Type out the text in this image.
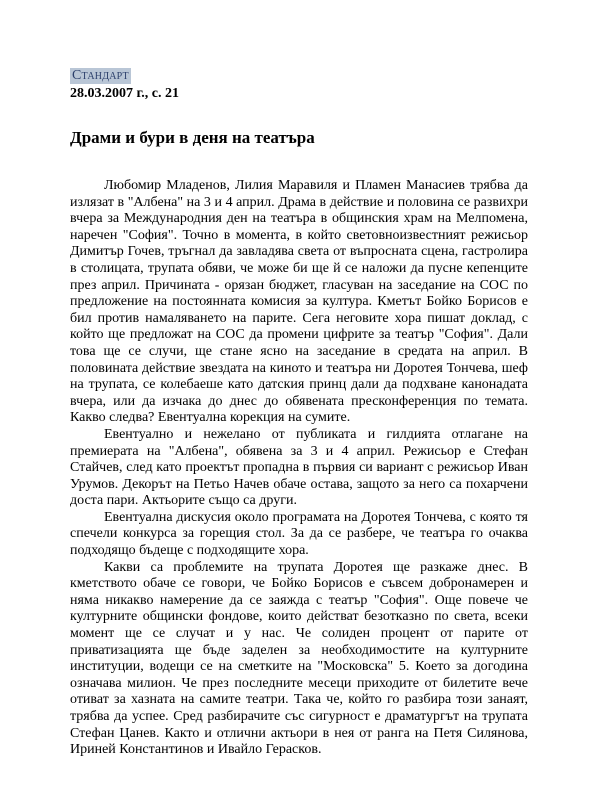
Стандарт
28.03.2007 г., с. 21
Драми и бури в деня на театъра

Любомир Младенов, Лилия Маравиля и Пламен Манасиев трябва да излязат в "Албена" на 3 и 4 април. Драма в действие и половина се развихри вчера за Международния ден на театъра в общинския храм на Мелпомена, наречен "София". Точно в момента, в който световноизвестният режисьор Димитър Гочев, тръгнал да завладява света от въпросната сцена, гастролира в столицата, трупата обяви, че може би ще й се наложи да пусне кепенците през април. Причината - орязан бюджет, гласуван на заседание на СОС по предложение на постоянната комисия за култура. Кметът Бойко Борисов е бил против намаляването на парите. Сега неговите хора пишат доклад, с който ще предложат на СОС да промени цифрите за театър "София". Дали това ще се случи, ще стане ясно на заседание в средата на април. В половината действие звездата на киното и театъра ни Доротея Тончева, шеф на трупата, се колебаеше като датския принц дали да подхване канонадата вчера, или да изчака до днес до обявената пресконференция по темата. Какво следва? Евентуална корекция на сумите.

Евентуално и нежелано от публиката и гилдията отлагане на премиерата на "Албена", обявена за 3 и 4 април. Режисьор е Стефан Стайчев, след като проектът пропадна в първия си вариант с режисьор Иван Урумов. Декорът на Петьо Начев обаче остава, защото за него са похарчени доста пари. Актьорите също са други.

Евентуална дискусия около програмата на Доротея Тончева, с която тя спечели конкурса за горещия стол. За да се разбере, че театъра го очаква подходящо бъдеще с подходящите хора.

Какви са проблемите на трупата Доротея ще разкаже днес. В кметството обаче се говори, че Бойко Борисов е съвсем добронамерен и няма никакво намерение да се заяжда с театър "София". Още повече че културните общински фондове, които действат безотказно по света, всеки момент ще се случат и у нас. Че солиден процент от парите от приватизацията ще бъде заделен за необходимостите на културните институции, водещи се на сметките на "Московска" 5. Което за догодина означава милион. Че през последните месеци приходите от билетите вече отиват за хазната на самите театри. Така че, който го разбира този занаят, трябва да успее. Сред разбирачите със сигурност е драматургът на трупата Стефан Цанев. Както и отлични актьори в нея от ранга на Петя Силянова, Ириней Константинов и Ивайло Герасков.
